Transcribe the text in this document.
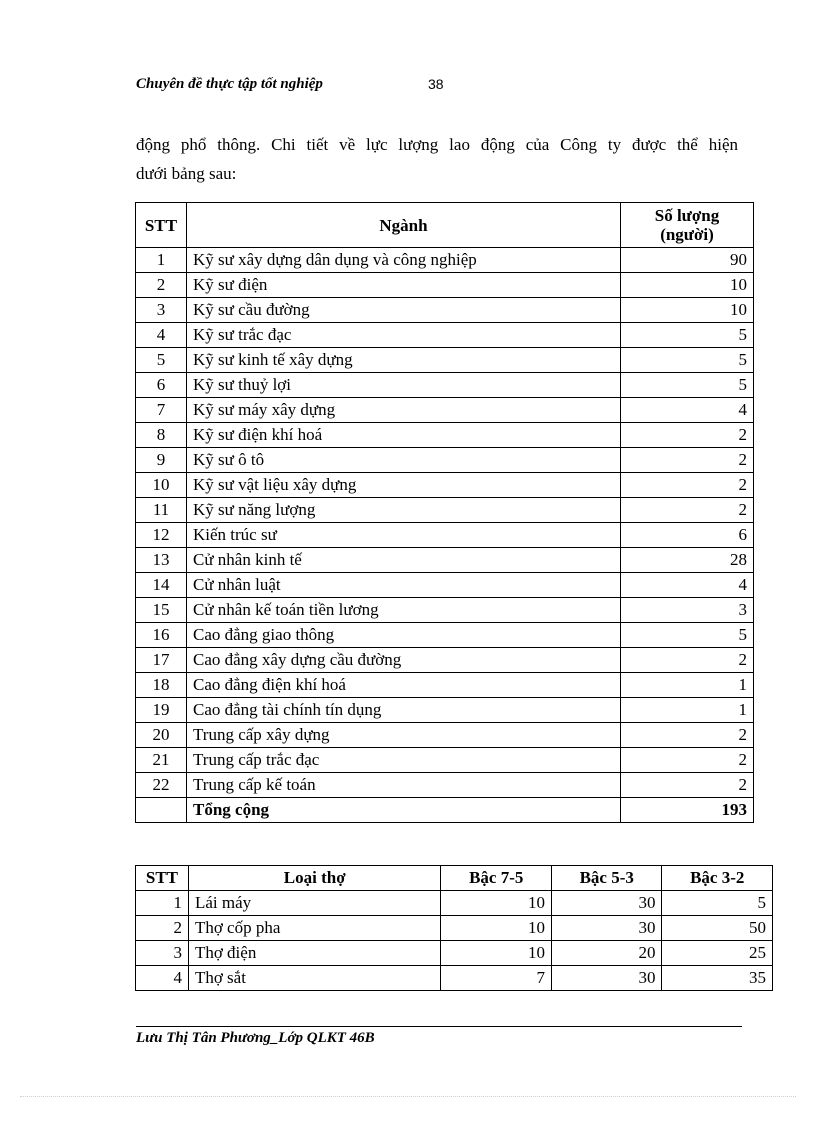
Chuyên đề thực tập tốt nghiệp	38
động phổ thông. Chi tiết về lực lượng lao động của Công ty được thể hiện
dưới bảng sau:
STT	Ngành	Số lượng (người)
1	Kỹ sư xây dựng dân dụng và công nghiệp	90
2	Kỹ sư điện	10
3	Kỹ sư cầu đường	10
4	Kỹ sư trắc đạc	5
5	Kỹ sư kinh tế xây dựng	5
6	Kỹ sư thuỷ lợi	5
7	Kỹ sư máy xây dựng	4
8	Kỹ sư điện khí hoá	2
9	Kỹ sư ô tô	2
10	Kỹ sư vật liệu xây dựng	2
11	Kỹ sư năng lượng	2
12	Kiến trúc sư	6
13	Cử nhân kinh tế	28
14	Cử nhân luật	4
15	Cử nhân kế toán tiền lương	3
16	Cao đẳng giao thông	5
17	Cao đẳng xây dựng cầu đường	2
18	Cao đẳng điện khí hoá	1
19	Cao đẳng tài chính tín dụng	1
20	Trung cấp xây dựng	2
21	Trung cấp trắc đạc	2
22	Trung cấp kế toán	2
	Tổng cộng	193
STT	Loại thợ	Bậc 7-5	Bậc 5-3	Bậc 3-2
1	Lái máy	10	30	5
2	Thợ cốp pha	10	30	50
3	Thợ điện	10	20	25
4	Thợ sắt	7	30	35
Lưu Thị Tân Phương_Lớp QLKT 46B
